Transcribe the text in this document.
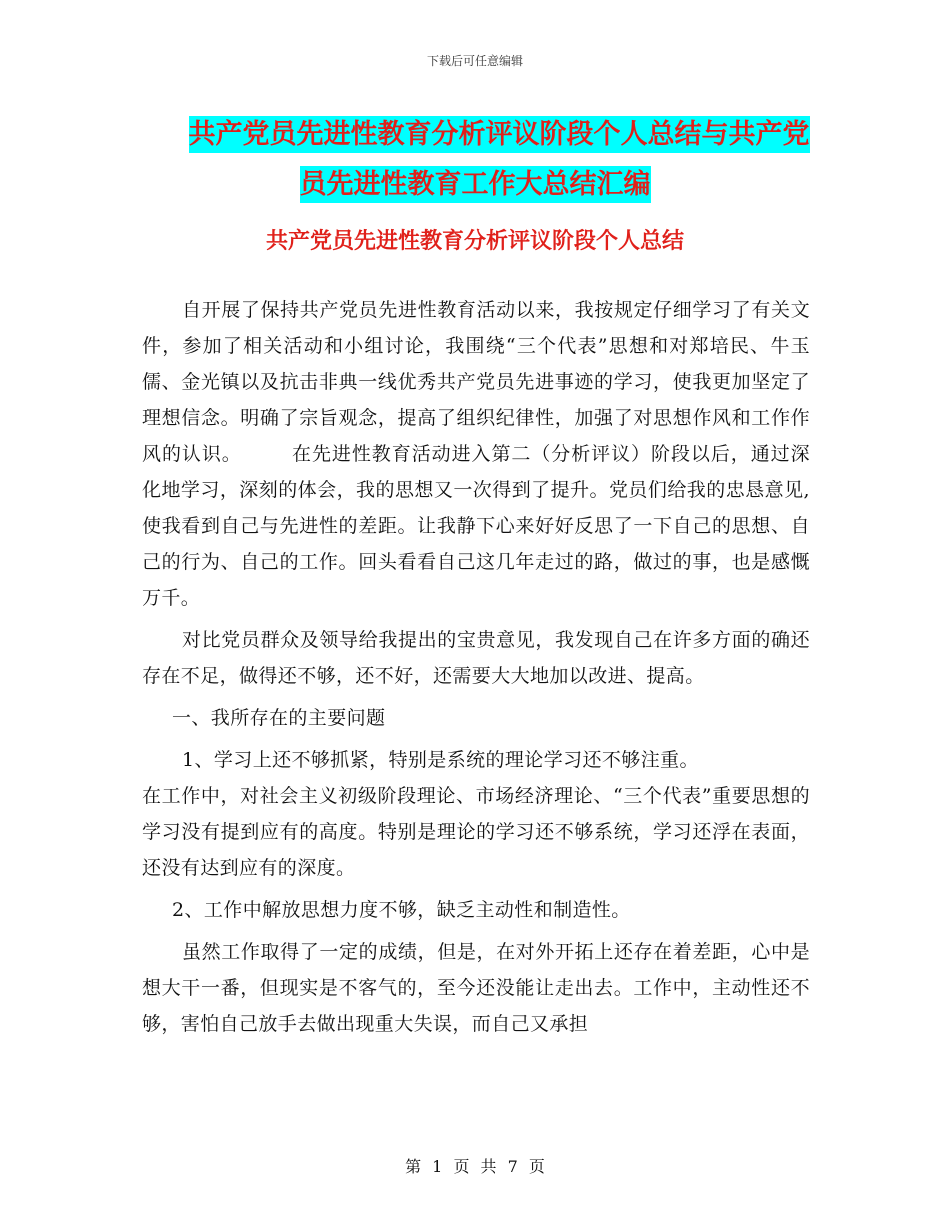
下载后可任意编辑
共产党员先进性教育分析评议阶段个人总结与共产党
员先进性教育工作大总结汇编
共产党员先进性教育分析评议阶段个人总结

自开展了保持共产党员先进性教育活动以来，我按规定仔细学习了有关文件，参加了相关活动和小组讨论，我围绕“三个代表”思想和对郑培民、牛玉儒、金光镇以及抗击非典一线优秀共产党员先进事迹的学习，使我更加坚定了理想信念。明确了宗旨观念，提高了组织纪律性，加强了对思想作风和工作作风的认识。　　　在先进性教育活动进入第二（分析评议）阶段以后，通过深化地学习，深刻的体会，我的思想又一次得到了提升。党员们给我的忠恳意见,使我看到自己与先进性的差距。让我静下心来好好反思了一下自己的思想、自己的行为、自己的工作。回头看看自己这几年走过的路，做过的事，也是感慨万千。

对比党员群众及领导给我提出的宝贵意见，我发现自己在许多方面的确还存在不足，做得还不够，还不好，还需要大大地加以改进、提高。

一、我所存在的主要问题

1、学习上还不够抓紧，特别是系统的理论学习还不够注重。

在工作中，对社会主义初级阶段理论、市场经济理论、“三个代表”重要思想的学习没有提到应有的高度。特别是理论的学习还不够系统，学习还浮在表面，还没有达到应有的深度。

2、工作中解放思想力度不够，缺乏主动性和制造性。

虽然工作取得了一定的成绩，但是，在对外开拓上还存在着差距，心中是想大干一番，但现实是不客气的，至今还没能让走出去。工作中，主动性还不够，害怕自己放手去做出现重大失误，而自己又承担

第 1 页 共 7 页
